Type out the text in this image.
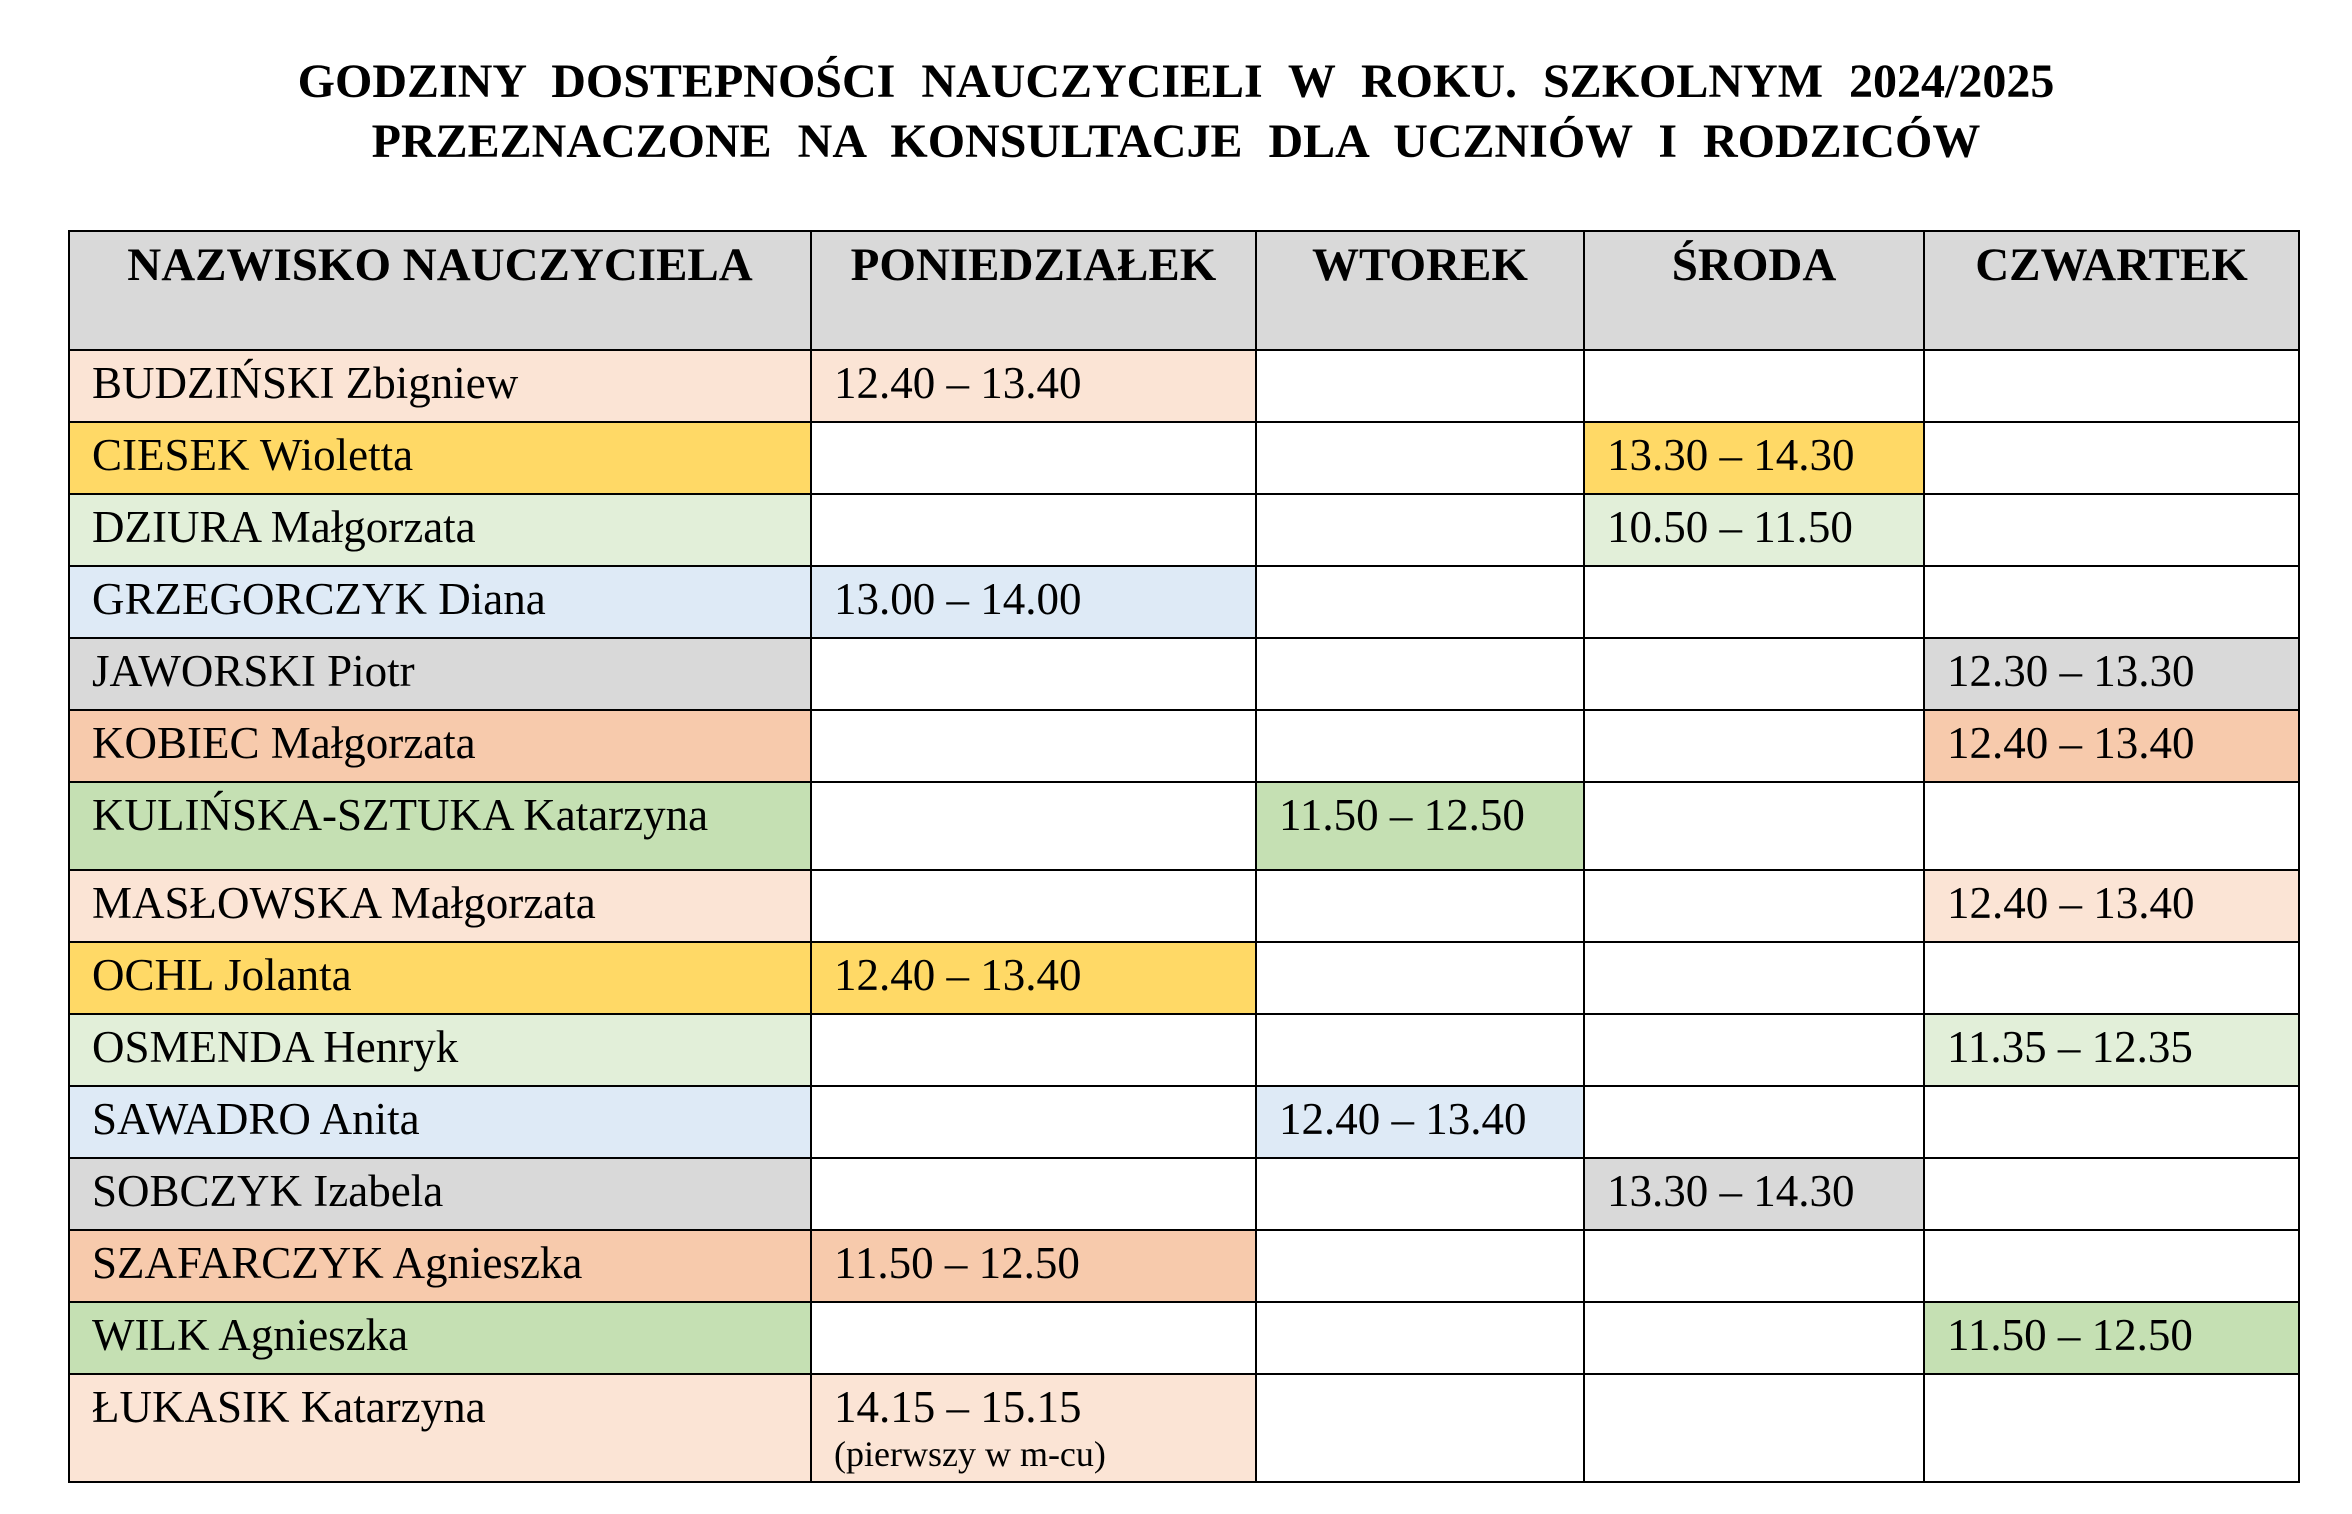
GODZINY DOSTEPNOŚCI NAUCZYCIELI W ROKU. SZKOLNYM 2024/2025
PRZEZNACZONE NA KONSULTACJE DLA UCZNIÓW I RODZICÓW
NAZWISKO NAUCZYCIELA	PONIEDZIAŁEK	WTOREK	ŚRODA	CZWARTEK
BUDZIŃSKI Zbigniew	12.40 – 13.40			
CIESEK Wioletta			13.30 – 14.30	
DZIURA Małgorzata			10.50 – 11.50	
GRZEGORCZYK Diana	13.00 – 14.00			
JAWORSKI Piotr				12.30 – 13.30
KOBIEC Małgorzata				12.40 – 13.40
KULIŃSKA-SZTUKA Katarzyna		11.50 – 12.50		
MASŁOWSKA Małgorzata				12.40 – 13.40
OCHL Jolanta	12.40 – 13.40			
OSMENDA Henryk				11.35 – 12.35
SAWADRO Anita		12.40 – 13.40		
SOBCZYK Izabela			13.30 – 14.30	
SZAFARCZYK Agnieszka	11.50 – 12.50			
WILK Agnieszka				11.50 – 12.50
ŁUKASIK Katarzyna	14.15 – 15.15
(pierwszy w m-cu)			
